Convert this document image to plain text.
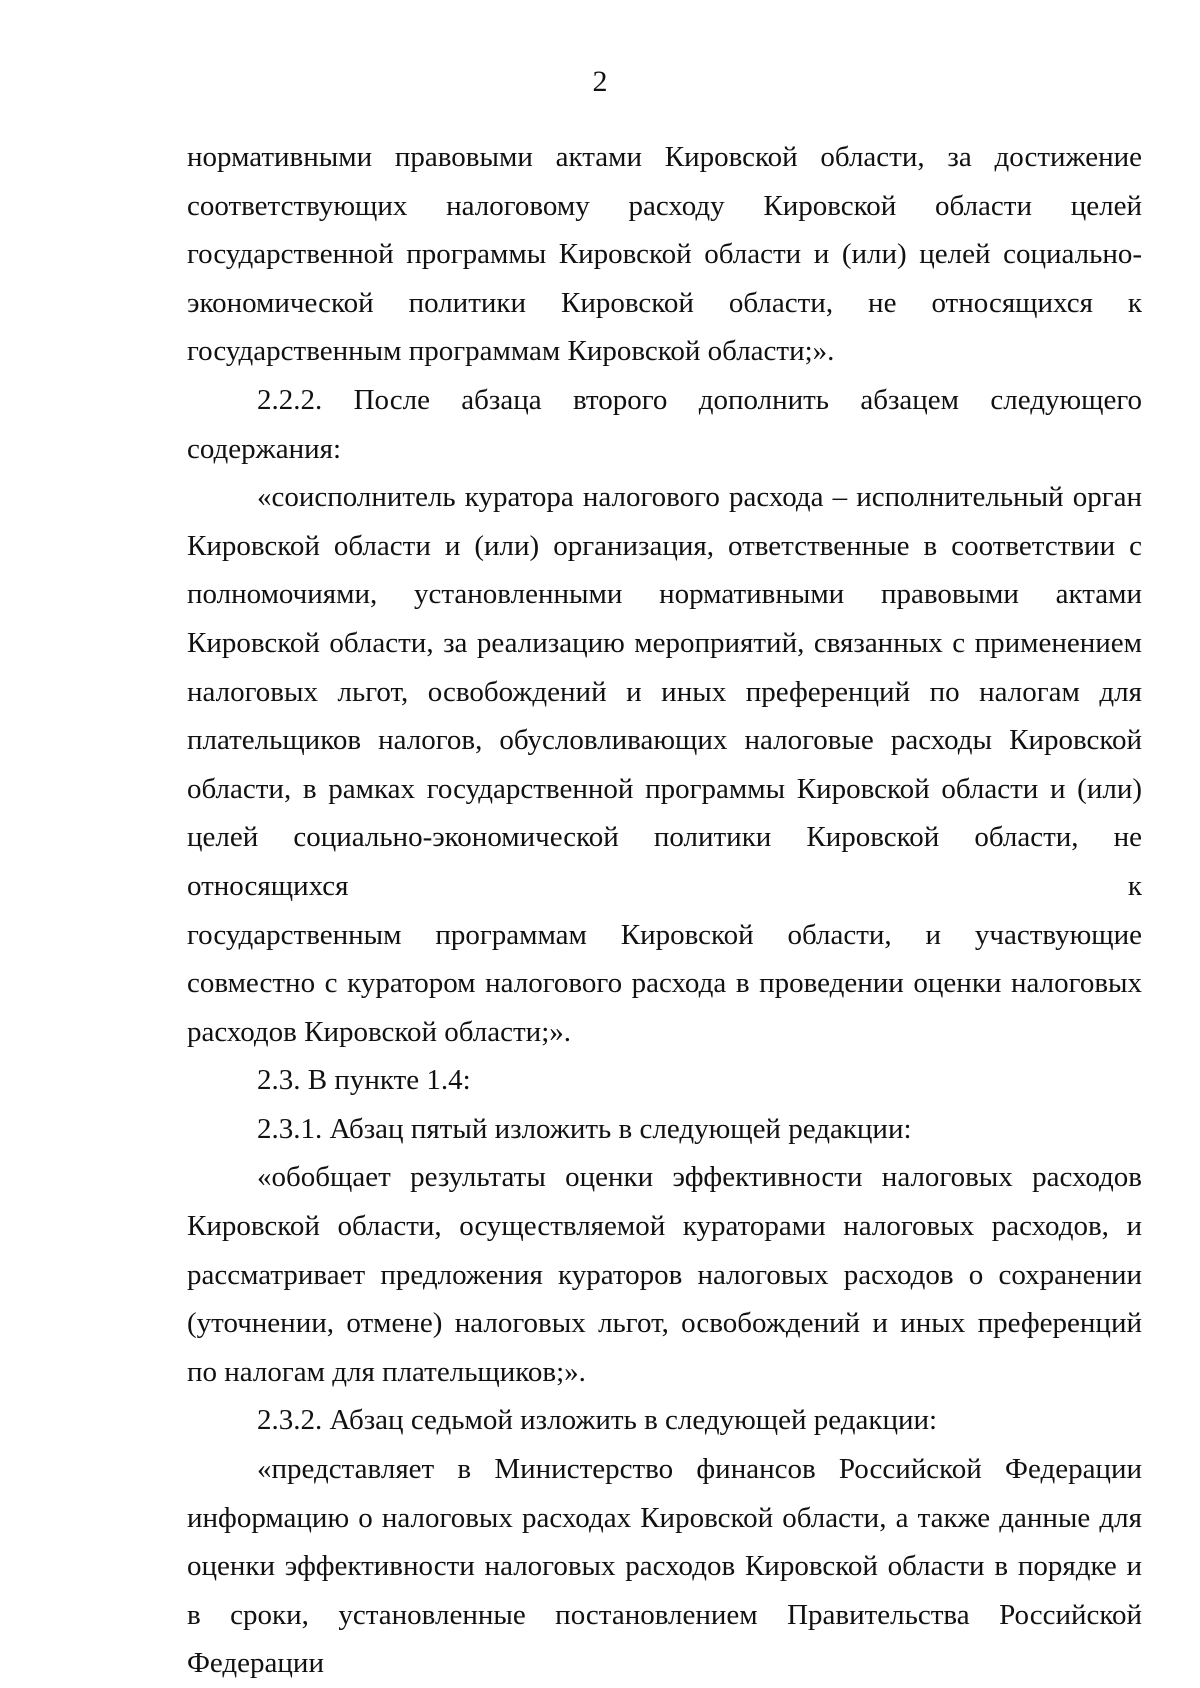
2

нормативными правовыми актами Кировской области, за достижение соответствующих налоговому расходу Кировской области целей государственной программы Кировской области и (или) целей социально-экономической политики Кировской области, не относящихся к

государственным программам Кировской области;».

2.2.2. После абзаца второго дополнить абзацем следующего содержания:

«соисполнитель куратора налогового расхода – исполнительный орган Кировской области и (или) организация, ответственные в соответствии с полномочиями, установленными нормативными правовыми актами Кировской области, за реализацию мероприятий, связанных с применением налоговых льгот, освобождений и иных преференций по налогам для плательщиков налогов, обусловливающих налоговые расходы Кировской области, в рамках государственной программы Кировской области и (или) целей социально-экономической политики Кировской области, не относящихся к

государственным программам Кировской области, и участвующие совместно с куратором налогового расхода в проведении оценки налоговых расходов Кировской области;».

2.3. В пункте 1.4:

2.3.1. Абзац пятый изложить в следующей редакции:

«обобщает результаты оценки эффективности налоговых расходов Кировской области, осуществляемой кураторами налоговых расходов, и рассматривает предложения кураторов налоговых расходов о сохранении (уточнении, отмене) налоговых льгот, освобождений и иных преференций по налогам для плательщиков;».

2.3.2. Абзац седьмой изложить в следующей редакции:

«представляет в Министерство финансов Российской Федерации информацию о налоговых расходах Кировской области, а также данные для оценки эффективности налоговых расходов Кировской области в порядке и в сроки, установленные постановлением Правительства Российской Федерации
